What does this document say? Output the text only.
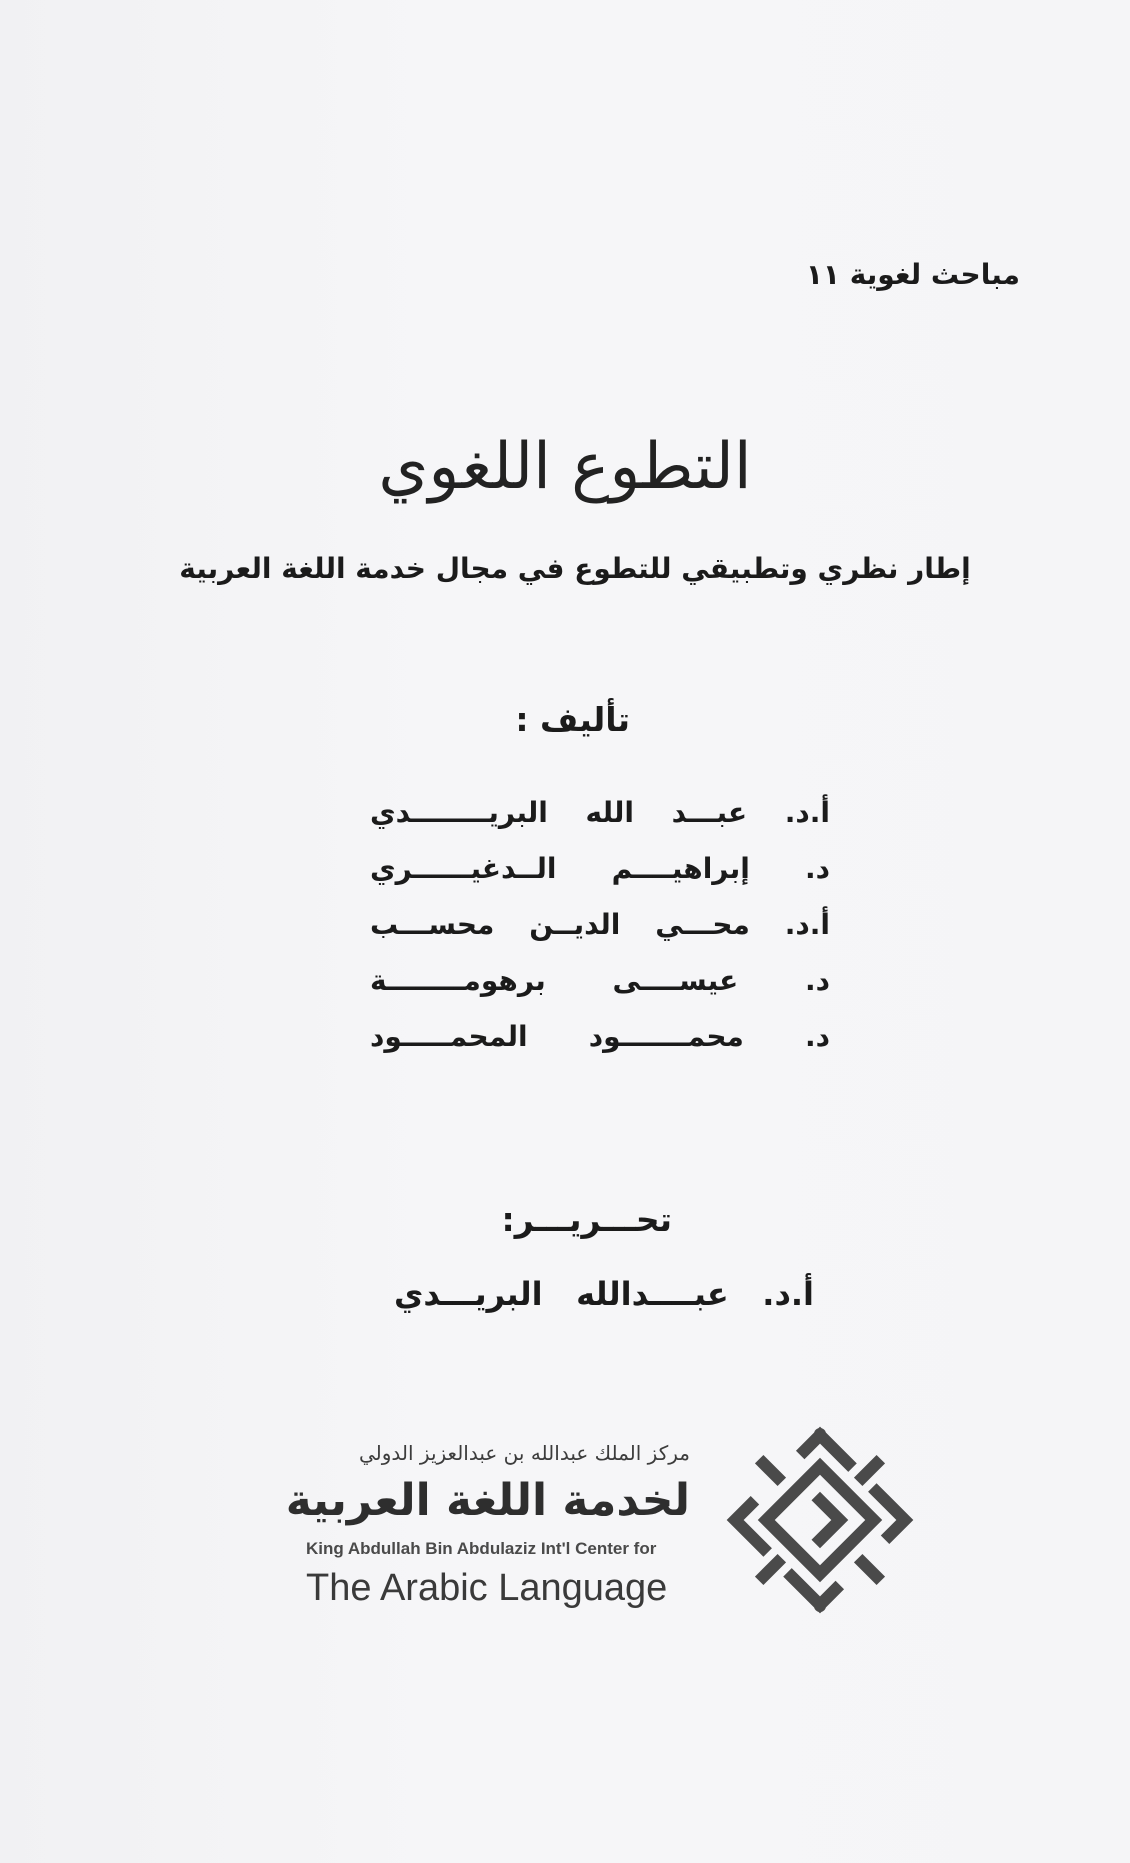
مباحث لغوية ١١
التطوع اللغوي
إطار نظري وتطبيقي للتطوع في مجال خدمة اللغة العربية
تأليف :
أ.د. عبـــد الله البريــــــــدي
د. إبراهيــــم الــدغيــــــري
أ.د. محـــي الديــن محســـب
د. عيســــى برهومــــــــة
د. محمـــــــود المحمـــــود
تحـــريـــر:
أ.د. عبــــدالله البريـــدي
مركز الملك عبدالله بن عبدالعزيز الدولي
لخدمة اللغة العربية
King Abdullah Bin Abdulaziz Int'l Center for
The Arabic Language
